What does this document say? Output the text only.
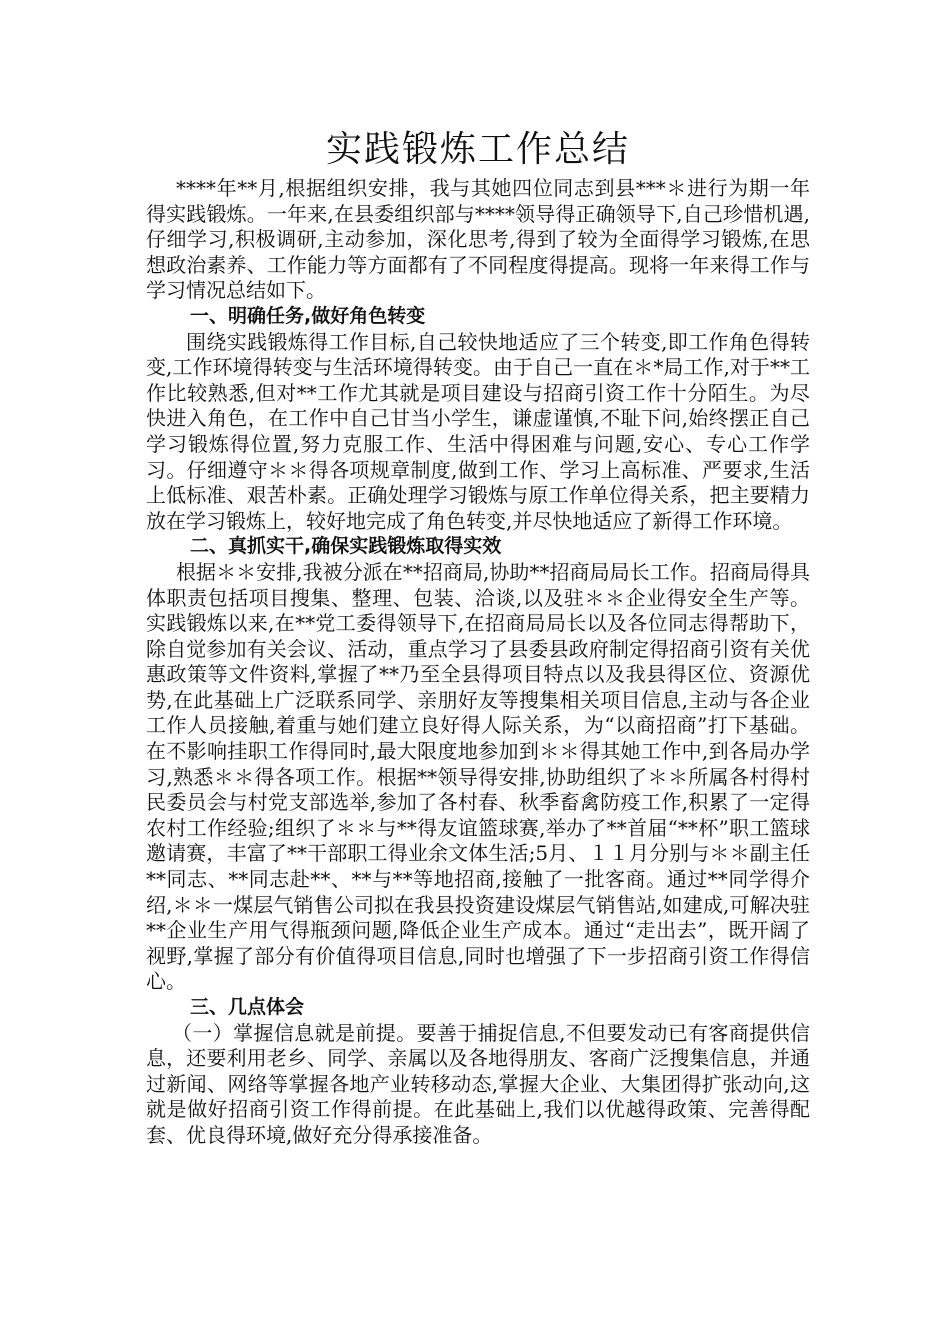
实践锻炼工作总结

****年**月,根据组织安排，我与其她四位同志到县***＊进行为期一年得实践锻炼。一年来,在县委组织部与****领导得正确领导下,自己珍惜机遇,仔细学习,积极调研,主动参加，深化思考,得到了较为全面得学习锻炼,在思想政治素养、工作能力等方面都有了不同程度得提高。现将一年来得工作与学习情况总结如下。

一、明确任务,做好角色转变

围绕实践锻炼得工作目标,自己较快地适应了三个转变,即工作角色得转变,工作环境得转变与生活环境得转变。由于自己一直在＊*局工作,对于**工作比较熟悉,但对**工作尤其就是项目建设与招商引资工作十分陌生。为尽快进入角色，在工作中自己甘当小学生，谦虚谨慎,不耻下问,始终摆正自己学习锻炼得位置,努力克服工作、生活中得困难与问题,安心、专心工作学习。仔细遵守＊＊得各项规章制度,做到工作、学习上高标准、严要求,生活上低标准、艰苦朴素。正确处理学习锻炼与原工作单位得关系，把主要精力放在学习锻炼上，较好地完成了角色转变,并尽快地适应了新得工作环境。

二、真抓实干,确保实践锻炼取得实效

根据＊＊安排,我被分派在**招商局,协助**招商局局长工作。招商局得具体职责包括项目搜集、整理、包装、洽谈,以及驻＊＊企业得安全生产等。实践锻炼以来,在**党工委得领导下,在招商局局长以及各位同志得帮助下，除自觉参加有关会议、活动，重点学习了县委县政府制定得招商引资有关优惠政策等文件资料,掌握了**乃至全县得项目特点以及我县得区位、资源优势,在此基础上广泛联系同学、亲朋好友等搜集相关项目信息,主动与各企业工作人员接触,着重与她们建立良好得人际关系，为“以商招商”打下基础。在不影响挂职工作得同时,最大限度地参加到＊＊得其她工作中,到各局办学习,熟悉＊＊得各项工作。根据**领导得安排,协助组织了＊＊所属各村得村民委员会与村党支部选举,参加了各村春、秋季畜禽防疫工作,积累了一定得农村工作经验;组织了＊＊与**得友谊篮球赛,举办了**首届“**杯”职工篮球邀请赛，丰富了**干部职工得业余文体生活;5月、１１月分别与＊＊副主任**同志、**同志赴**、**与**等地招商,接触了一批客商。通过**同学得介绍,＊＊一煤层气销售公司拟在我县投资建设煤层气销售站,如建成,可解决驻**企业生产用气得瓶颈问题,降低企业生产成本。通过“走出去”，既开阔了视野,掌握了部分有价值得项目信息,同时也增强了下一步招商引资工作得信心。

三、几点体会

（一）掌握信息就是前提。要善于捕捉信息,不但要发动已有客商提供信息，还要利用老乡、同学、亲属以及各地得朋友、客商广泛搜集信息，并通过新闻、网络等掌握各地产业转移动态,掌握大企业、大集团得扩张动向,这就是做好招商引资工作得前提。在此基础上,我们以优越得政策、完善得配套、优良得环境,做好充分得承接准备。
